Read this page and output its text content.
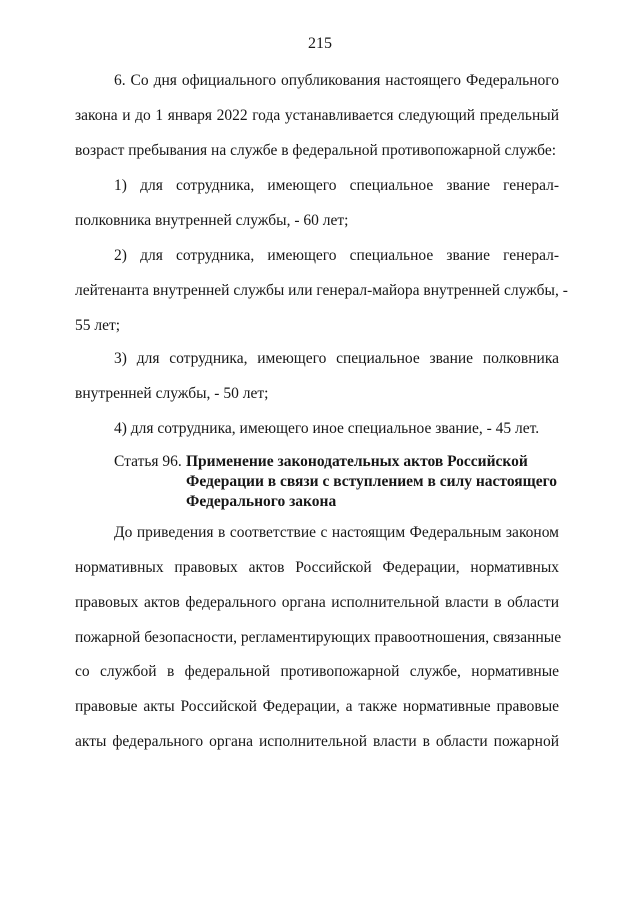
215
6. Со дня официального опубликования настоящего Федерального
закона и до 1 января 2022 года устанавливается следующий предельный
возраст пребывания на службе в федеральной противопожарной службе:
1) для сотрудника, имеющего специальное звание генерал-
полковника внутренней службы, - 60 лет;
2) для сотрудника, имеющего специальное звание генерал-
лейтенанта внутренней службы или генерал-майора внутренней службы, -
55 лет;
3) для сотрудника, имеющего специальное звание полковника
внутренней службы, - 50 лет;
4) для сотрудника, имеющего иное специальное звание, - 45 лет.
Статья 96. Применение законодательных актов Российской
Федерации в связи с вступлением в силу настоящего
Федерального закона
До приведения в соответствие с настоящим Федеральным законом
нормативных правовых актов Российской Федерации, нормативных
правовых актов федерального органа исполнительной власти в области
пожарной безопасности, регламентирующих правоотношения, связанные
со службой в федеральной противопожарной службе, нормативные
правовые акты Российской Федерации, а также нормативные правовые
акты федерального органа исполнительной власти в области пожарной
